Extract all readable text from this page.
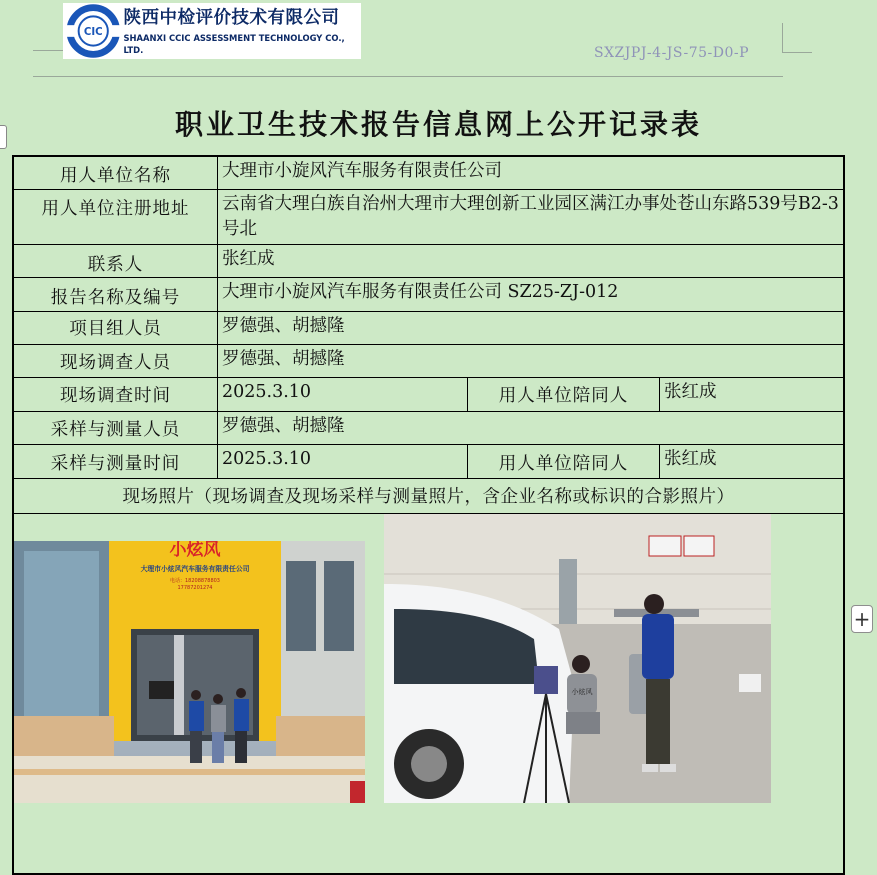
CIC
陕西中检评价技术有限公司
SHAANXI CCIC ASSESSMENT TECHNOLOGY CO., LTD.	SXZJPJ-4-JS-75-D0-P
职业卫生技术报告信息网上公开记录表
用人单位名称	大理市小旋风汽车服务有限责任公司
用人单位注册地址	云南省大理白族自治州大理市大理创新工业园区满江办事处苍山东路539号B2-3号北
联系人	张红成
报告名称及编号	大理市小旋风汽车服务有限责任公司 SZ25-ZJ-012
项目组人员	罗德强、胡撼隆
现场调查人员	罗德强、胡撼隆
现场调查时间	2025.3.10	用人单位陪同人	张红成
采样与测量人员	罗德强、胡撼隆
采样与测量时间	2025.3.10	用人单位陪同人	张红成
现场照片（现场调查及现场采样与测量照片，含企业名称或标识的合影照片）
小炫风
大理市小炫风汽车服务有限责任公司
电话：18208878803
17787201274
小炫风
+
